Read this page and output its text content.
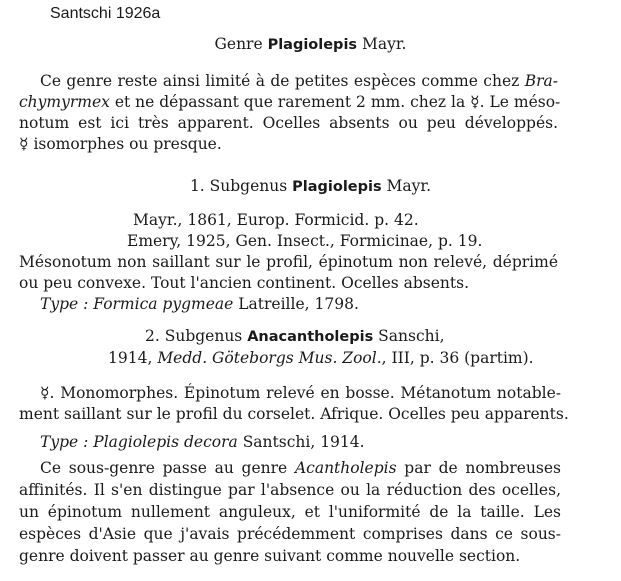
Santschi 1926a
Genre Plagiolepis Mayr.
Ce genre reste ainsi limité à de petites espèces comme chez Bra-
chymyrmex et ne dépassant que rarement 2 mm. chez la ☿. Le méso-
notum est ici très apparent. Ocelles absents ou peu développés.
☿ isomorphes ou presque.
1. Subgenus Plagiolepis Mayr.
Mayr., 1861, Europ. Formicid. p. 42.
Emery, 1925, Gen. Insect., Formicinae, p. 19.
Mésonotum non saillant sur le profil, épinotum non relevé, déprimé
ou peu convexe. Tout l'ancien continent. Ocelles absents.
Type : Formica pygmeae Latreille, 1798.
2. Subgenus Anacantholepis Sanschi,
1914, Medd. Göteborgs Mus. Zool., III, p. 36 (partim).
☿. Monomorphes. Épinotum relevé en bosse. Métanotum notable-
ment saillant sur le profil du corselet. Afrique. Ocelles peu apparents.
Type : Plagiolepis decora Santschi, 1914.
Ce sous-genre passe au genre Acantholepis par de nombreuses
affinités. Il s'en distingue par l'absence ou la réduction des ocelles,
un épinotum nullement anguleux, et l'uniformité de la taille. Les
espèces d'Asie que j'avais précédemment comprises dans ce sous-
genre doivent passer au genre suivant comme nouvelle section.
